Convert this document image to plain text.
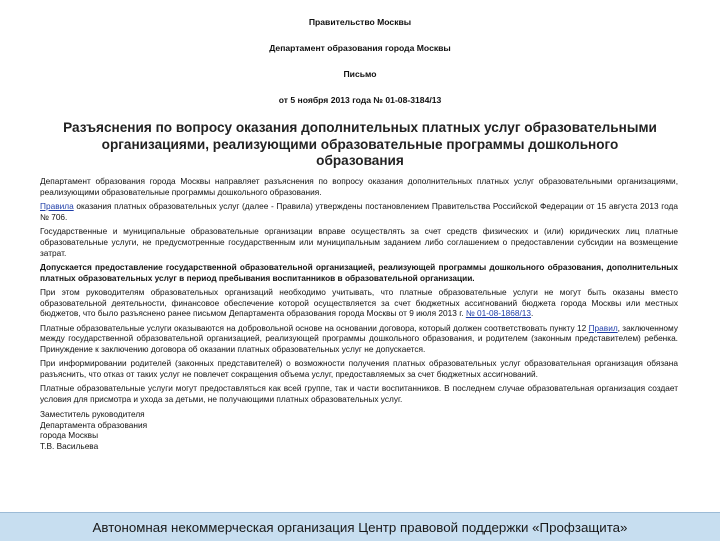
Правительство Москвы
Департамент образования города Москвы
Письмо
от 5 ноября 2013 года № 01-08-3184/13
Разъяснения по вопросу оказания дополнительных платных услуг образовательными
организациями, реализующими образовательные программы дошкольного
образования

Департамент образования города Москвы направляет разъяснения по вопросу оказания дополнительных платных услуг образовательными организациями, реализующими образовательные программы дошкольного образования.

Правила оказания платных образовательных услуг (далее - Правила) утверждены постановлением Правительства Российской Федерации от 15 августа 2013 года № 706.

Государственные и муниципальные образовательные организации вправе осуществлять за счет средств физических и (или) юридических лиц платные образовательные услуги, не предусмотренные государственным или муниципальным заданием либо соглашением о предоставлении субсидии на возмещение затрат.

Допускается предоставление государственной образовательной организацией, реализующей программы дошкольного образования, дополнительных платных образовательных услуг в период пребывания воспитанников в образовательной организации.

При этом руководителям образовательных организаций необходимо учитывать, что платные образовательные услуги не могут быть оказаны вместо образовательной деятельности, финансовое обеспечение которой осуществляется за счет бюджетных ассигнований бюджета города Москвы или местных бюджетов, что было разъяснено ранее письмом Департамента образования города Москвы от 9 июля 2013 г. № 01-08-1868/13.

Платные образовательные услуги оказываются на добровольной основе на основании договора, который должен соответствовать пункту 12 Правил, заключенному между государственной образовательной организацией, реализующей программы дошкольного образования, и родителем (законным представителем) ребенка. Принуждение к заключению договора об оказании платных образовательных услуг не допускается.

При информировании родителей (законных представителей) о возможности получения платных образовательных услуг образовательная организация обязана разъяснить, что отказ от таких услуг не повлечет сокращения объема услуг, предоставляемых за счет бюджетных ассигнований.

Платные образовательные услуги могут предоставляться как всей группе, так и части воспитанников. В последнем случае образовательная организация создает условия для присмотра и ухода за детьми, не получающими платных образовательных услуг.

Заместитель руководителя
Департамента образования
города Москвы
Т.В. Васильева
Автономная некоммерческая организация Центр правовой поддержки «Профзащита»
